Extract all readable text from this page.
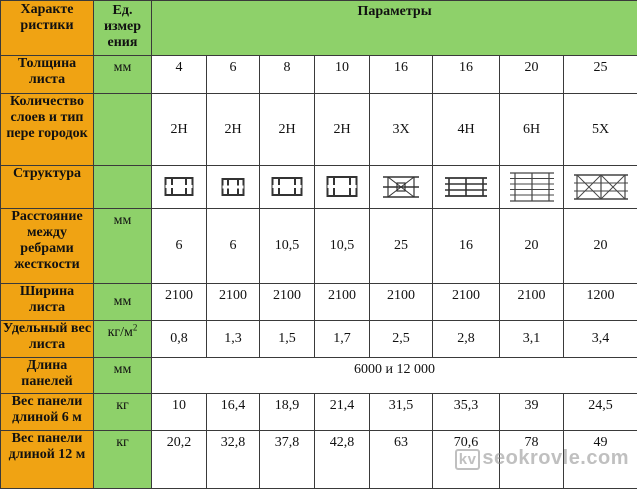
Характе ристики	Ед. измер ения	Параметры							
Толщина листа	мм	4	6	8	10	16	16	20	25
Количество слоев и тип пере городок		2H	2H	2H	2H	3X	4H	6H	5X
Структура		

Расстояние между ребрами жесткости	мм	6	6	10,5	10,5	25	16	20	20
Ширина листа	мм	2100	2100	2100	2100	2100	2100	2100	1200
Удельный вес листа	$кг/м^2$	0,8	1,3	1,5	1,7	2,5	2,8	3,1	3,4
Длина панелей	мм	6000 и 12 000							
Вес панели длиной 6 м	кг	10	16,4	18,9	21,4	31,5	35,3	39	24,5
Вес панели длиной 12 м	кг	20,2	32,8	37,8	42,8	63	70,6	78	49
kv seokrovle.com
